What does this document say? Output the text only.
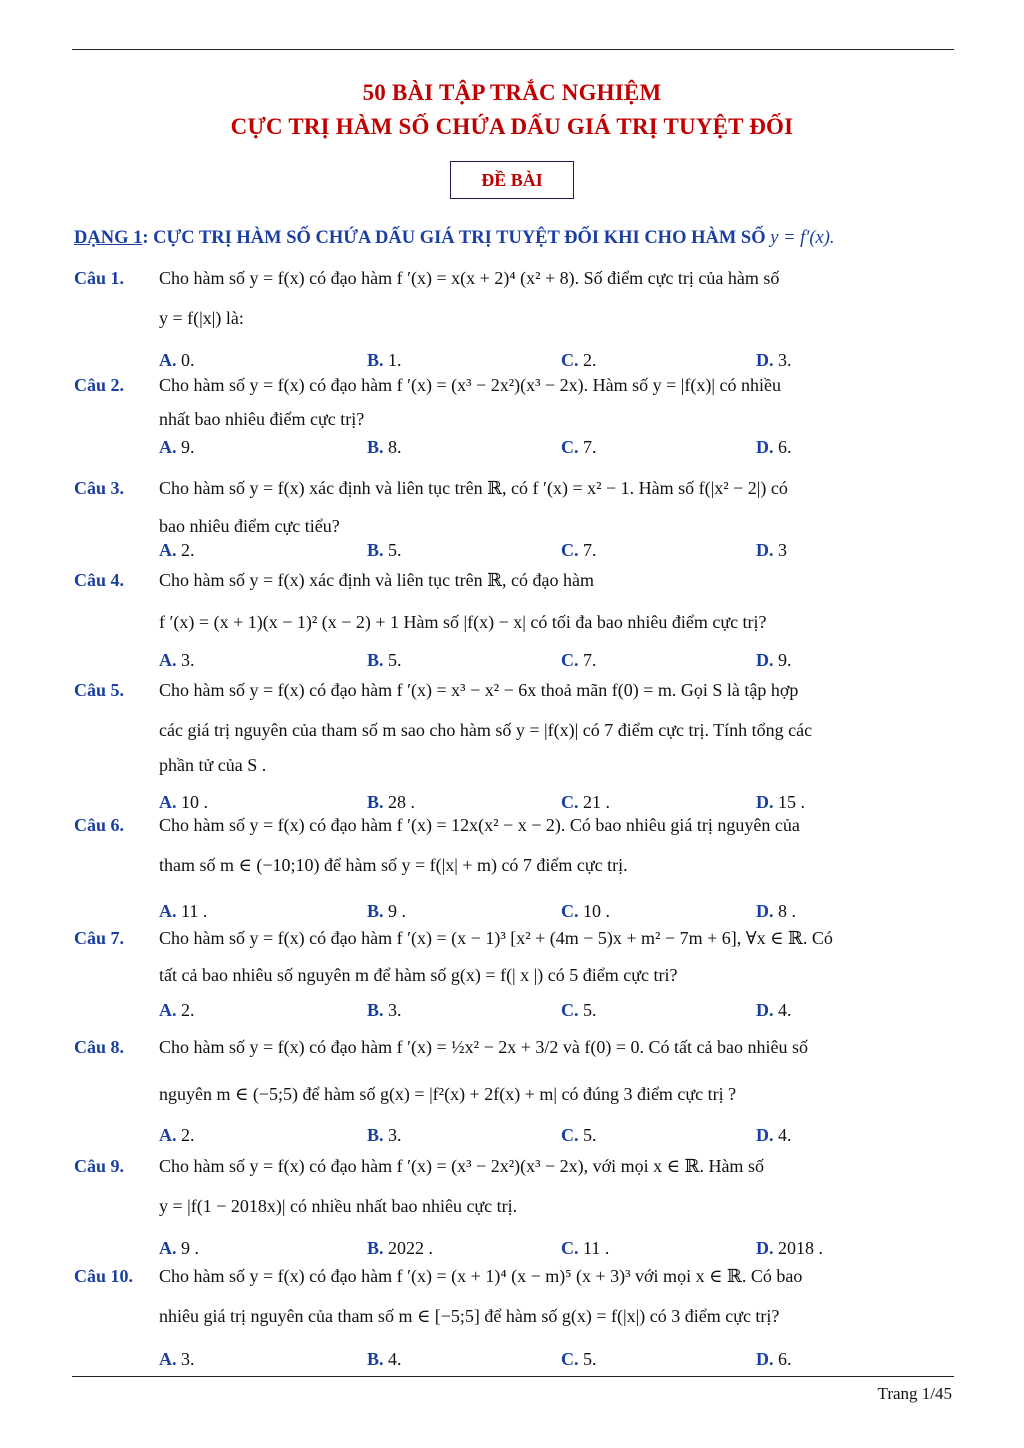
50 BÀI TẬP TRẮC NGHIỆM
CỰC TRỊ HÀM SỐ CHỨA DẤU GIÁ TRỊ TUYỆT ĐỐI
ĐỀ BÀI
DẠNG 1: CỰC TRỊ HÀM SỐ CHỨA DẤU GIÁ TRỊ TUYỆT ĐỐI KHI CHO HÀM SỐ y = f′(x).
Câu 1. Cho hàm số y = f(x) có đạo hàm f ′(x) = x(x + 2)⁴ (x² + 8). Số điểm cực trị của hàm số
y = f(|x|) là:
A. 0.	B. 1.	C. 2.	D. 3.
Câu 2. Cho hàm số y = f(x) có đạo hàm f ′(x) = (x³ − 2x²)(x³ − 2x). Hàm số y = |f(x)| có nhiều
nhất bao nhiêu điểm cực trị?
A. 9.	B. 8.	C. 7.	D. 6.
Câu 3. Cho hàm số y = f(x) xác định và liên tục trên ℝ, có f ′(x) = x² − 1. Hàm số f(|x² − 2|) có
bao nhiêu điểm cực tiểu?
A. 2.	B. 5.	C. 7.	D. 3
Câu 4. Cho hàm số y = f(x) xác định và liên tục trên ℝ, có đạo hàm
f ′(x) = (x + 1)(x − 1)² (x − 2) + 1 Hàm số |f(x) − x| có tối đa bao nhiêu điểm cực trị?
A. 3.	B. 5.	C. 7.	D. 9.
Câu 5. Cho hàm số y = f(x) có đạo hàm f ′(x) = x³ − x² − 6x thoả mãn f(0) = m. Gọi S là tập hợp
các giá trị nguyên của tham số m sao cho hàm số y = |f(x)| có 7 điểm cực trị. Tính tổng các
phần tử của S .
A. 10 .	B. 28 .	C. 21 .	D. 15 .
Câu 6. Cho hàm số y = f(x) có đạo hàm f ′(x) = 12x(x² − x − 2). Có bao nhiêu giá trị nguyên của
tham số m ∈ (−10;10) để hàm số y = f(|x| + m) có 7 điểm cực trị.
A. 11 .	B. 9 .	C. 10 .	D. 8 .
Câu 7. Cho hàm số y = f(x) có đạo hàm f ′(x) = (x − 1)³ [x² + (4m − 5)x + m² − 7m + 6], ∀x ∈ ℝ. Có
tất cả bao nhiêu số nguyên m để hàm số g(x) = f(| x |) có 5 điểm cực tri?
A. 2.	B. 3.	C. 5.	D. 4.
Câu 8. Cho hàm số y = f(x) có đạo hàm f ′(x) = ½x² − 2x + 3/2 và f(0) = 0. Có tất cả bao nhiêu số
nguyên m ∈ (−5;5) để hàm số g(x) = |f²(x) + 2f(x) + m| có đúng 3 điểm cực trị ?
A. 2.	B. 3.	C. 5.	D. 4.
Câu 9. Cho hàm số y = f(x) có đạo hàm f ′(x) = (x³ − 2x²)(x³ − 2x), với mọi x ∈ ℝ. Hàm số
y = |f(1 − 2018x)| có nhiều nhất bao nhiêu cực trị.
A. 9 .	B. 2022 .	C. 11 .	D. 2018 .
Câu 10. Cho hàm số y = f(x) có đạo hàm f ′(x) = (x + 1)⁴ (x − m)⁵ (x + 3)³ với mọi x ∈ ℝ. Có bao
nhiêu giá trị nguyên của tham số m ∈ [−5;5] để hàm số g(x) = f(|x|) có 3 điểm cực trị?
A. 3.	B. 4.	C. 5.	D. 6.
Trang 1/45
